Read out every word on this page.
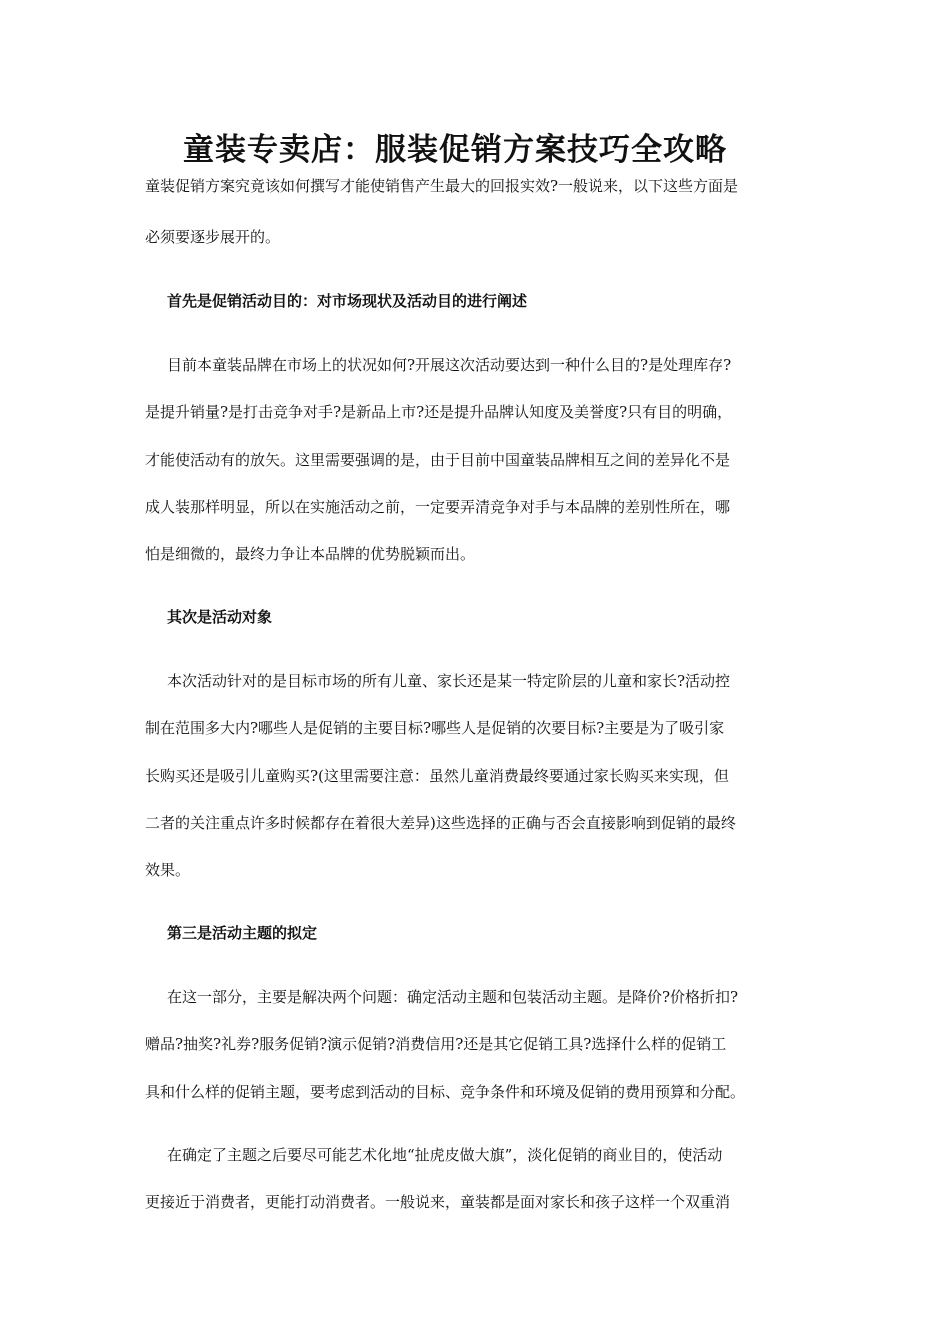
童装专卖店：服装促销方案技巧全攻略

童装促销方案究竟该如何撰写才能使销售产生最大的回报实效?一般说来，以下这些方面是

必须要逐步展开的。

首先是促销活动目的：对市场现状及活动目的进行阐述

目前本童装品牌在市场上的状况如何?开展这次活动要达到一种什么目的?是处理库存?

是提升销量?是打击竞争对手?是新品上市?还是提升品牌认知度及美誉度?只有目的明确，

才能使活动有的放矢。这里需要强调的是，由于目前中国童装品牌相互之间的差异化不是

成人装那样明显，所以在实施活动之前，一定要弄清竞争对手与本品牌的差别性所在，哪

怕是细微的，最终力争让本品牌的优势脱颖而出。

其次是活动对象

本次活动针对的是目标市场的所有儿童、家长还是某一特定阶层的儿童和家长?活动控

制在范围多大内?哪些人是促销的主要目标?哪些人是促销的次要目标?主要是为了吸引家

长购买还是吸引儿童购买?(这里需要注意：虽然儿童消费最终要通过家长购买来实现，但

二者的关注重点许多时候都存在着很大差异)这些选择的正确与否会直接影响到促销的最终

效果。

第三是活动主题的拟定

在这一部分，主要是解决两个问题：确定活动主题和包装活动主题。是降价?价格折扣?

赠品?抽奖?礼券?服务促销?演示促销?消费信用?还是其它促销工具?选择什么样的促销工

具和什么样的促销主题，要考虑到活动的目标、竞争条件和环境及促销的费用预算和分配。

在确定了主题之后要尽可能艺术化地“扯虎皮做大旗”，淡化促销的商业目的，使活动

更接近于消费者，更能打动消费者。一般说来，童装都是面对家长和孩子这样一个双重消
